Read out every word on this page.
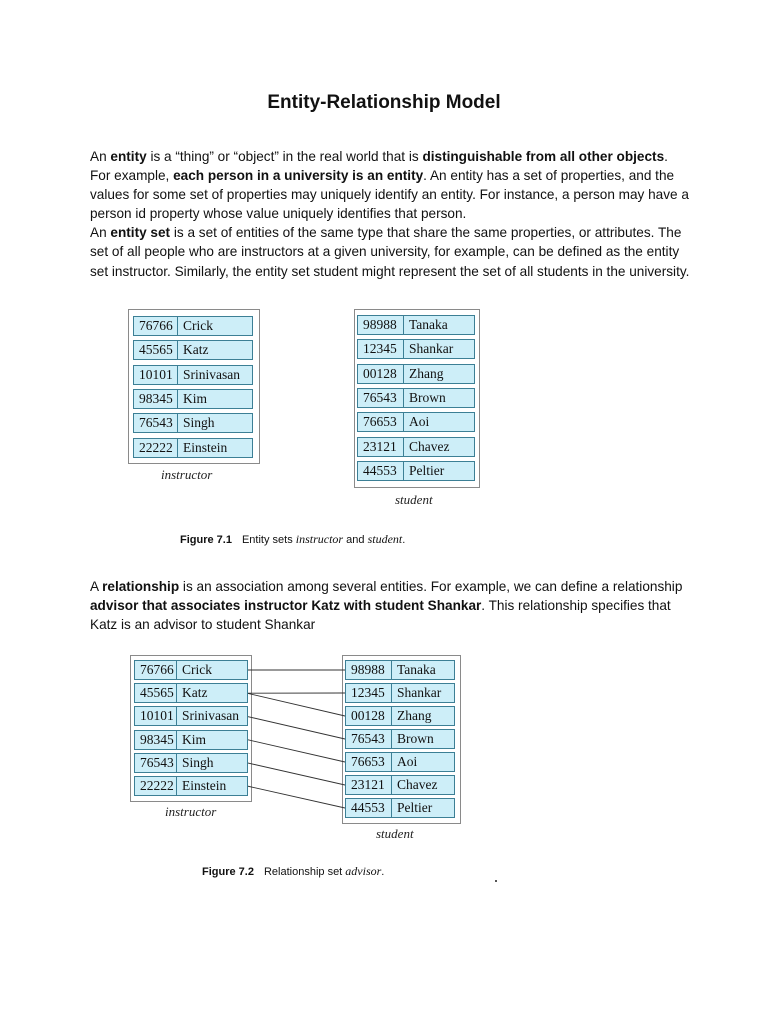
Entity-Relationship Model
An entity is a “thing” or “object” in the real world that is distinguishable from all other objects. For example, each person in a university is an entity. An entity has a set of properties, and the values for some set of properties may uniquely identify an entity. For instance, a person may have a person id property whose value uniquely identifies that person.
An entity set is a set of entities of the same type that share the same properties, or attributes. The set of all people who are instructors at a given university, for example, can be defined as the entity set instructor. Similarly, the entity set student might represent the set of all students in the university.
76766 Crick
45565 Katz
10101 Srinivasan
98345 Kim
76543 Singh
22222 Einstein
98988 Tanaka
12345 Shankar
00128 Zhang
76543 Brown
76653 Aoi
23121 Chavez
44553 Peltier
instructor
student
Figure 7.1 Entity sets instructor and student.
A relationship is an association among several entities. For example, we can define a relationship advisor that associates instructor Katz with student Shankar. This relationship specifies that Katz is an advisor to student Shankar
76766 Crick
45565 Katz
10101 Srinivasan
98345 Kim
76543 Singh
22222 Einstein
98988 Tanaka
12345 Shankar
00128 Zhang
76543 Brown
76653 Aoi
23121 Chavez
44553 Peltier
instructor
student
Figure 7.2 Relationship set advisor.
